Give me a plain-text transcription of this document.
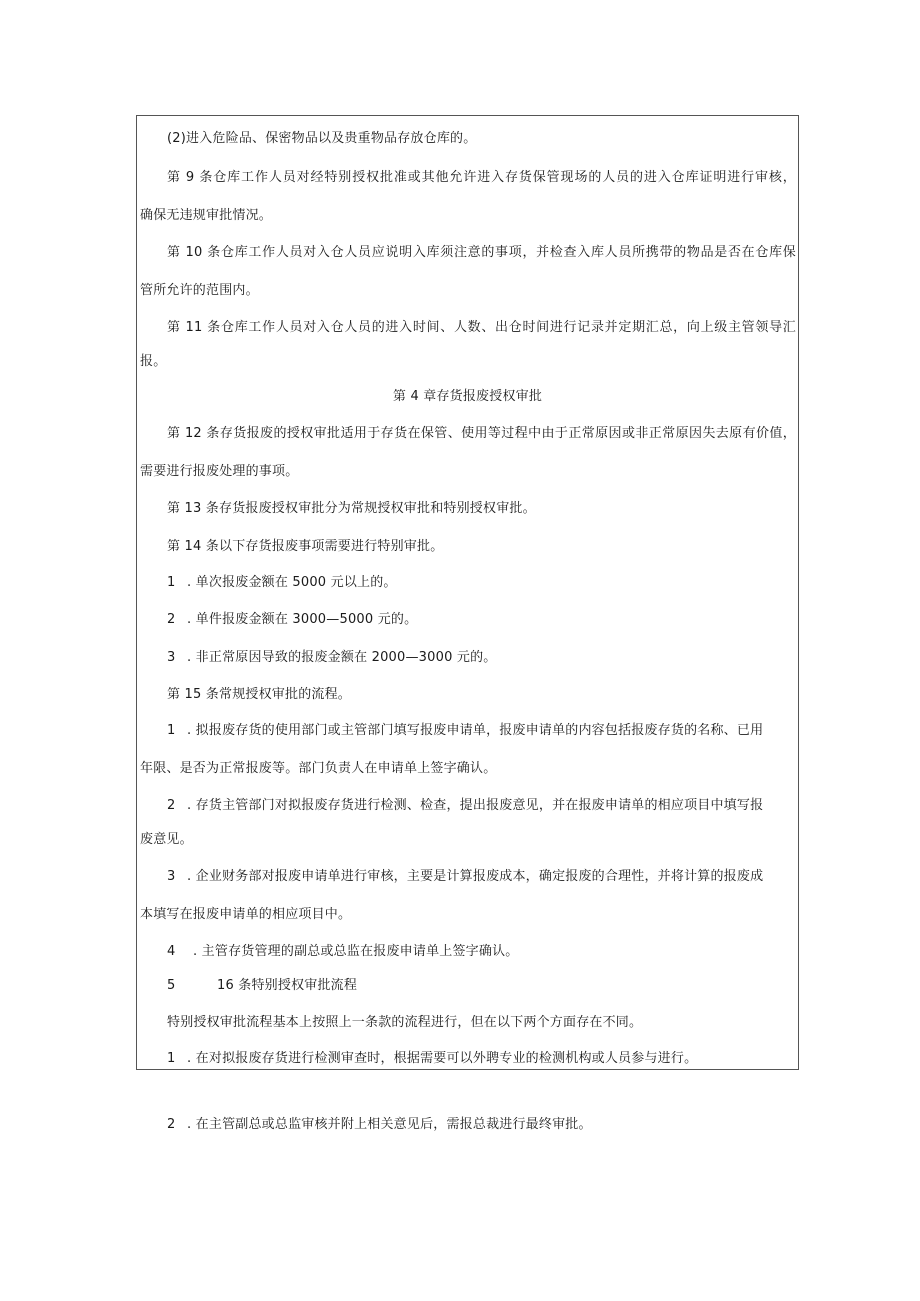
(2)进入危险品、保密物品以及贵重物品存放仓库的。
第 9 条仓库工作人员对经特别授权批准或其他允许进入存货保管现场的人员的进入仓库证明进行审核，
确保无违规审批情况。
第 10 条仓库工作人员对入仓人员应说明入库须注意的事项，并检查入库人员所携带的物品是否在仓库保
管所允许的范围内。
第 11 条仓库工作人员对入仓人员的进入时间、人数、出仓时间进行记录并定期汇总，向上级主管领导汇
报。
第 4 章存货报废授权审批
第 12 条存货报废的授权审批适用于存货在保管、使用等过程中由于正常原因或非正常原因失去原有价值，
需要进行报废处理的事项。
第 13 条存货报废授权审批分为常规授权审批和特别授权审批。
第 14 条以下存货报废事项需要进行特别审批。
1 . 单次报废金额在 5000 元以上的。
2 . 单件报废金额在 3000—5000 元的。
3 . 非正常原因导致的报废金额在 2000—3000 元的。
第 15 条常规授权审批的流程。
1 . 拟报废存货的使用部门或主管部门填写报废申请单，报废申请单的内容包括报废存货的名称、已用
年限、是否为正常报废等。部门负责人在申请单上签字确认。
2 . 存货主管部门对拟报废存货进行检测、检查，提出报废意见，并在报废申请单的相应项目中填写报
废意见。
3 . 企业财务部对报废申请单进行审核，主要是计算报废成本，确定报废的合理性，并将计算的报废成
本填写在报废申请单的相应项目中。
4 . 主管存货管理的副总或总监在报废申请单上签字确认。
5	16 条特别授权审批流程
特别授权审批流程基本上按照上一条款的流程进行，但在以下两个方面存在不同。
1 . 在对拟报废存货进行检测审查时，根据需要可以外聘专业的检测机构或人员参与进行。
2 . 在主管副总或总监审核并附上相关意见后，需报总裁进行最终审批。
